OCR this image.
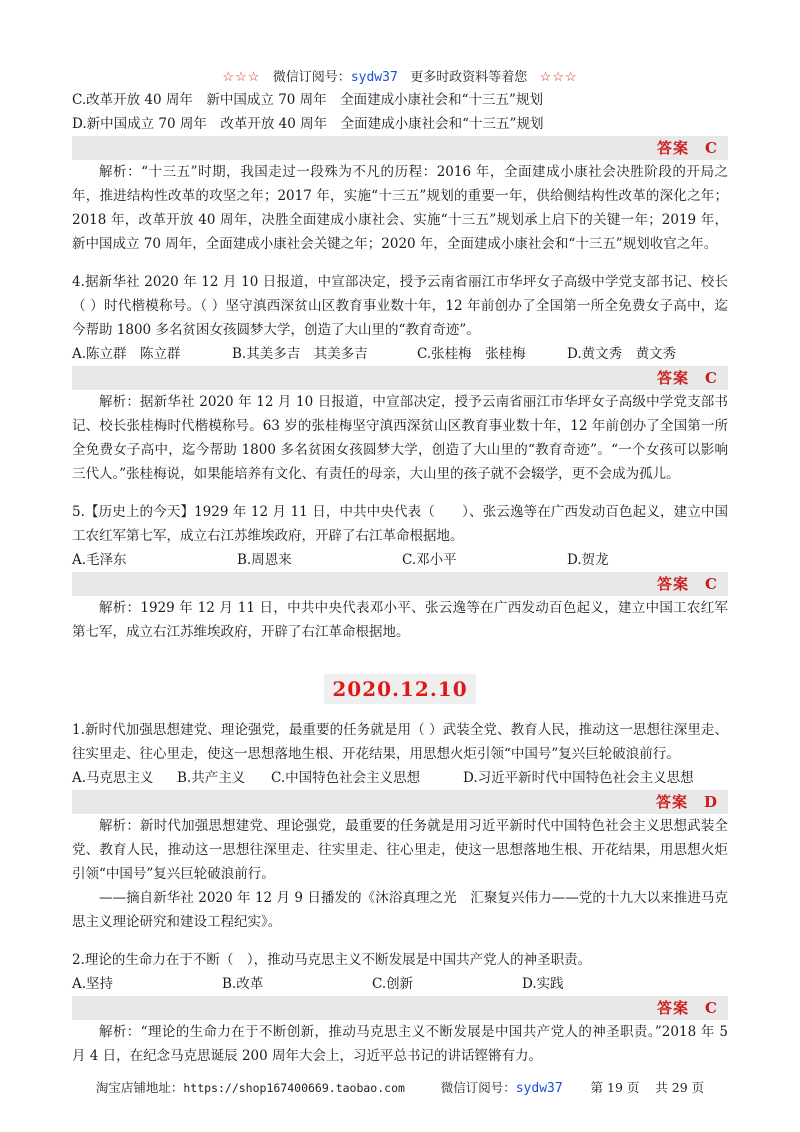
☆☆☆ 微信订阅号：sydw37 更多时政资料等着您 ☆☆☆
C.改革开放 40 周年　新中国成立 70 周年　全面建成小康社会和“十三五”规划
D.新中国成立 70 周年　改革开放 40 周年　全面建成小康社会和“十三五”规划
答案　C
解析：“十三五”时期，我国走过一段殊为不凡的历程：2016 年，全面建成小康社会决胜阶段的开局之年，推进结构性改革的攻坚之年；2017 年，实施“十三五”规划的重要一年，供给侧结构性改革的深化之年；2018 年，改革开放 40 周年，决胜全面建成小康社会、实施“十三五”规划承上启下的关键一年；2019 年，新中国成立 70 周年，全面建成小康社会关键之年；2020 年，全面建成小康社会和“十三五”规划收官之年。
4.据新华社 2020 年 12 月 10 日报道，中宣部决定，授予云南省丽江市华坪女子高级中学党支部书记、校长（ ）时代楷模称号。（ ）坚守滇西深贫山区教育事业数十年，12 年前创办了全国第一所全免费女子高中，迄今帮助 1800 多名贫困女孩圆梦大学，创造了大山里的“教育奇迹”。
A.陈立群　陈立群	B.其美多吉　其美多吉	C.张桂梅　张桂梅	D.黄文秀　黄文秀
答案　C
解析：据新华社 2020 年 12 月 10 日报道，中宣部决定，授予云南省丽江市华坪女子高级中学党支部书记、校长张桂梅时代楷模称号。63 岁的张桂梅坚守滇西深贫山区教育事业数十年，12 年前创办了全国第一所全免费女子高中，迄今帮助 1800 多名贫困女孩圆梦大学，创造了大山里的“教育奇迹”。“一个女孩可以影响三代人。”张桂梅说，如果能培养有文化、有责任的母亲，大山里的孩子就不会辍学，更不会成为孤儿。
5.【历史上的今天】1929 年 12 月 11 日，中共中央代表（　　）、张云逸等在广西发动百色起义，建立中国工农红军第七军，成立右江苏维埃政府，开辟了右江革命根据地。
A.毛泽东	B.周恩来	C.邓小平	D.贺龙
答案　C
解析：1929 年 12 月 11 日，中共中央代表邓小平、张云逸等在广西发动百色起义，建立中国工农红军第七军，成立右江苏维埃政府，开辟了右江革命根据地。
2020.12.10
1.新时代加强思想建党、理论强党，最重要的任务就是用（ ）武装全党、教育人民，推动这一思想往深里走、往实里走、往心里走，使这一思想落地生根、开花结果，用思想火炬引领“中国号”复兴巨轮破浪前行。
A.马克思主义	B.共产主义	C.中国特色社会主义思想	D.习近平新时代中国特色社会主义思想
答案　D
解析：新时代加强思想建党、理论强党，最重要的任务就是用习近平新时代中国特色社会主义思想武装全党、教育人民，推动这一思想往深里走、往实里走、往心里走，使这一思想落地生根、开花结果，用思想火炬引领“中国号”复兴巨轮破浪前行。
——摘自新华社 2020 年 12 月 9 日播发的《沐浴真理之光　汇聚复兴伟力——党的十九大以来推进马克思主义理论研究和建设工程纪实》。
2.理论的生命力在于不断（　），推动马克思主义不断发展是中国共产党人的神圣职责。
A.坚持	B.改革	C.创新	D.实践
答案　C
解析：“理论的生命力在于不断创新，推动马克思主义不断发展是中国共产党人的神圣职责。”2018 年 5 月 4 日，在纪念马克思诞辰 200 周年大会上，习近平总书记的讲话铿锵有力。
淘宝店铺地址：https://shop167400669.taobao.com	微信订阅号：sydw37 第 19 页 共 29 页
